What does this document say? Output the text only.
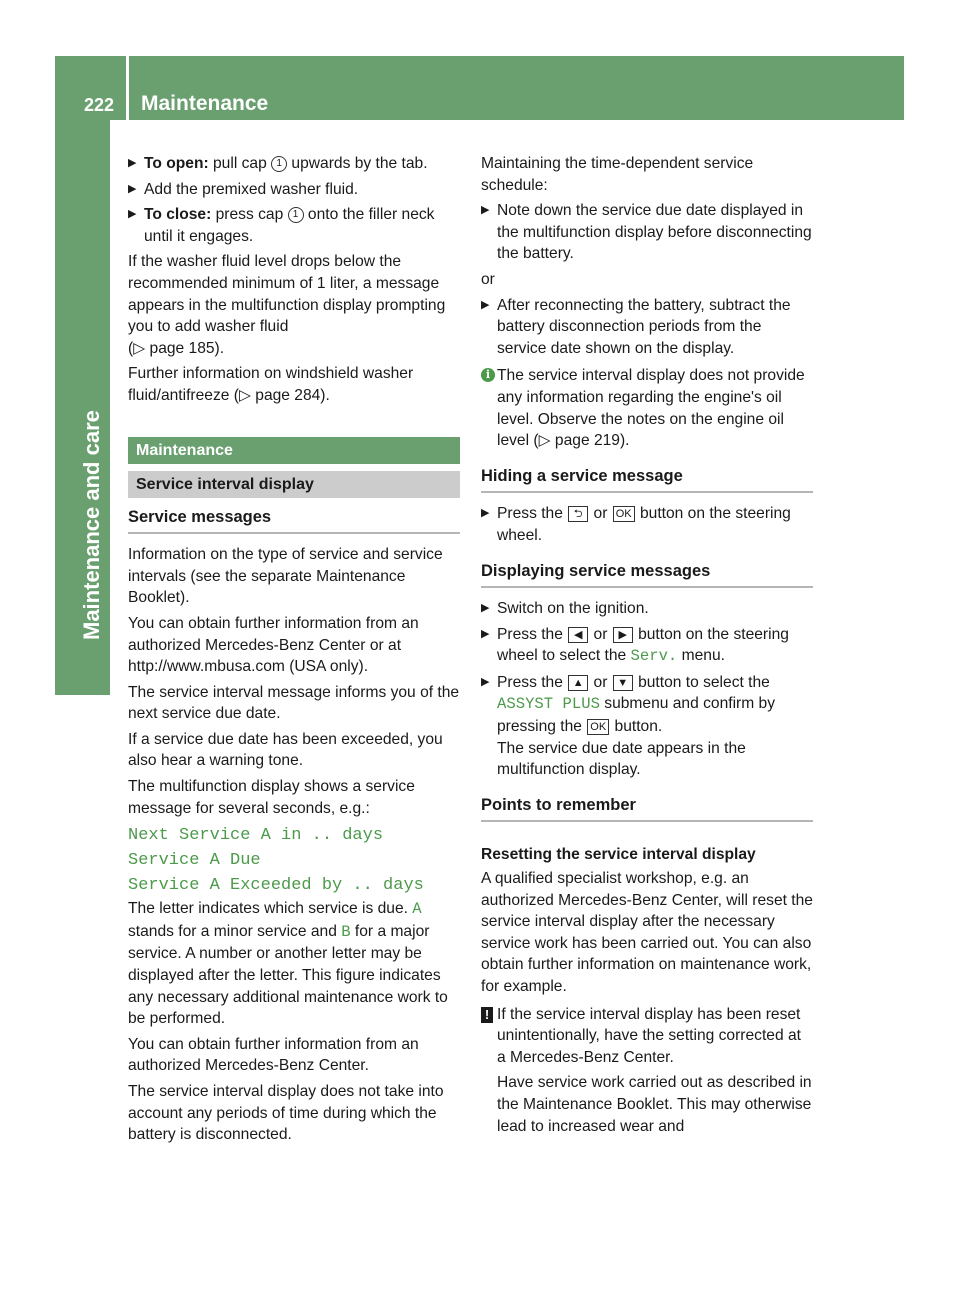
222 Maintenance
Maintenance and care
▶ To open: pull cap 1 upwards by the tab.
▶ Add the premixed washer fluid.
▶ To close: press cap 1 onto the filler neck until it engages.

If the washer fluid level drops below the recommended minimum of 1 liter, a message appears in the multifunction display prompting you to add washer fluid
(▷ page 185).

Further information on windshield washer fluid/antifreeze (▷ page 284).

Maintenance
Service interval display
Service messages

Information on the type of service and service intervals (see the separate Maintenance Booklet).

You can obtain further information from an authorized Mercedes-Benz Center or at http://www.mbusa.com (USA only).

The service interval message informs you of the next service due date.

If a service due date has been exceeded, you also hear a warning tone.

The multifunction display shows a service message for several seconds, e.g.:

Next Service A in .. days
Service A Due
Service A Exceeded by .. days

The letter indicates which service is due. A stands for a minor service and B for a major service. A number or another letter may be displayed after the letter. This figure indicates any necessary additional maintenance work to be performed.

You can obtain further information from an authorized Mercedes-Benz Center.

The service interval display does not take into account any periods of time during which the battery is disconnected.

Maintaining the time-dependent service schedule:

▶ Note down the service due date displayed in the multifunction display before disconnecting the battery.

or

▶ After reconnecting the battery, subtract the battery disconnection periods from the service date shown on the display.
i The service interval display does not provide any information regarding the engine's oil level. Observe the notes on the engine oil level (▷ page 219).
Hiding a service message
▶ Press the ⮌ or OK button on the steering wheel.
Displaying service messages
▶ Switch on the ignition.
▶ Press the ◀ or ▶ button on the steering wheel to select the Serv. menu.
▶ Press the ▲ or ▼ button to select the ASSYST PLUS submenu and confirm by pressing the OK button.
The service due date appears in the multifunction display.
Points to remember
Resetting the service interval display

A qualified specialist workshop, e.g. an authorized Mercedes-Benz Center, will reset the service interval display after the necessary service work has been carried out. You can also obtain further information on maintenance work, for example.

! If the service interval display has been reset unintentionally, have the setting corrected at a Mercedes-Benz Center.

Have service work carried out as described in the Maintenance Booklet. This may otherwise lead to increased wear and
